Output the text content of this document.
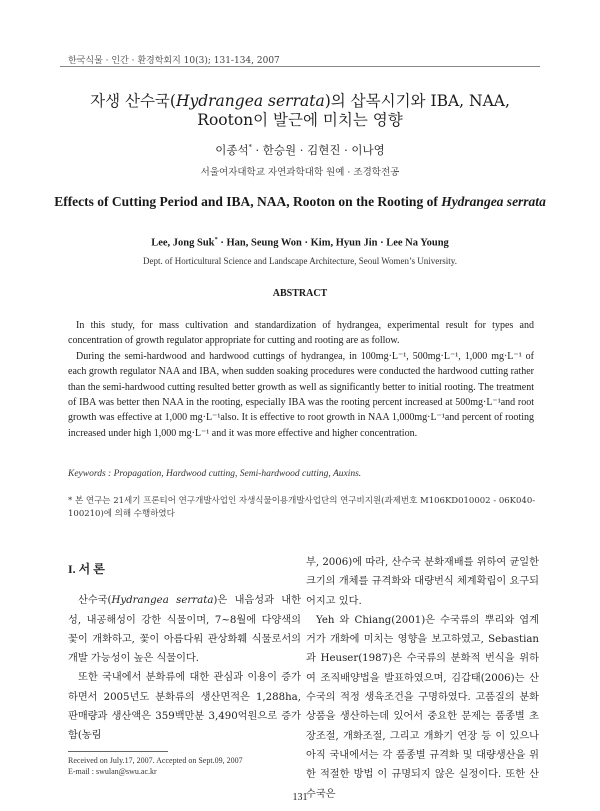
한국식물 · 인간 · 환경학회지 10(3); 131-134, 2007
자생 산수국(Hydrangea serrata)의 삽목시기와 IBA, NAA, Rooton이 발근에 미치는 영향
이종석* · 한승원 · 김현진 · 이나영
서울여자대학교 자연과학대학 원예 · 조경학전공
Effects of Cutting Period and IBA, NAA, Rooton on the Rooting of Hydrangea serrata
Lee, Jong Suk* · Han, Seung Won · Kim, Hyun Jin · Lee Na Young
Dept. of Horticultural Science and Landscape Architecture, Seoul Women’s University.
ABSTRACT

In this study, for mass cultivation and standardization of hydrangea, experimental result for types and concentration of growth regulator appropriate for cutting and rooting are as follow.

During the semi-hardwood and hardwood cuttings of hydrangea, in 100mg·L⁻¹, 500mg·L⁻¹, 1,000 mg·L⁻¹ of each growth regulator NAA and IBA, when sudden soaking procedures were conducted the hardwood cutting rather than the semi-hardwood cutting resulted better growth as well as significantly better to initial rooting. The treatment of IBA was better then NAA in the rooting, especially IBA was the rooting percent increased at 500mg·L⁻¹and root growth was effective at 1,000 mg·L⁻¹also. It is effective to root growth in NAA 1,000mg·L⁻¹and percent of rooting increased under high 1,000 mg·L⁻¹ and it was more effective and higher concentration.

Keywords : Propagation, Hardwood cutting, Semi-hardwood cutting, Auxins.
* 본 연구는 21세기 프론티어 연구개발사업인 자생식물이용개발사업단의 연구비지원(과제번호 M106KD010002 - 06K040-100210)에 의해 수행하였다

I. 서 론

산수국(Hydrangea serrata)은 내음성과 내한성, 내공해성이 강한 식물이며, 7~8월에 다양색의 꽃이 개화하고, 꽃이 아름다워 관상화훼 식물로서의 개발 가능성이 높은 식물이다.

또한 국내에서 분화류에 대한 관심과 이용이 증가하면서 2005년도 분화류의 생산면적은 1,288ha, 판매량과 생산액은 359백만분 3,490억원으로 증가함(농림

부, 2006)에 따라, 산수국 분화재배를 위하여 균일한 크기의 개체를 규격화와 대량번식 체계확립이 요구되어지고 있다.

Yeh 와 Chiang(2001)은 수국류의 뿌리와 엽계거가 개화에 미치는 영향을 보고하였고, Sebastian과 Heuser(1987)은 수국류의 분화적 번식을 위하여 조직배양법을 발표하였으며, 김갑태(2006)는 산수국의 적정 생육조건을 구명하였다. 고품질의 분화 상품을 생산하는데 있어서 중요한 문제는 품종별 초장조절, 개화조절, 그리고 개화기 연장 등 이 있으나 아직 국내에서는 각 품종별 규격화 및 대량생산을 위한 적절한 방법 이 규명되지 않은 실정이다. 또한 산수국은

Received on July.17, 2007. Accepted on Sept.09, 2007
E-mail : swulan@swu.ac.kr
131
